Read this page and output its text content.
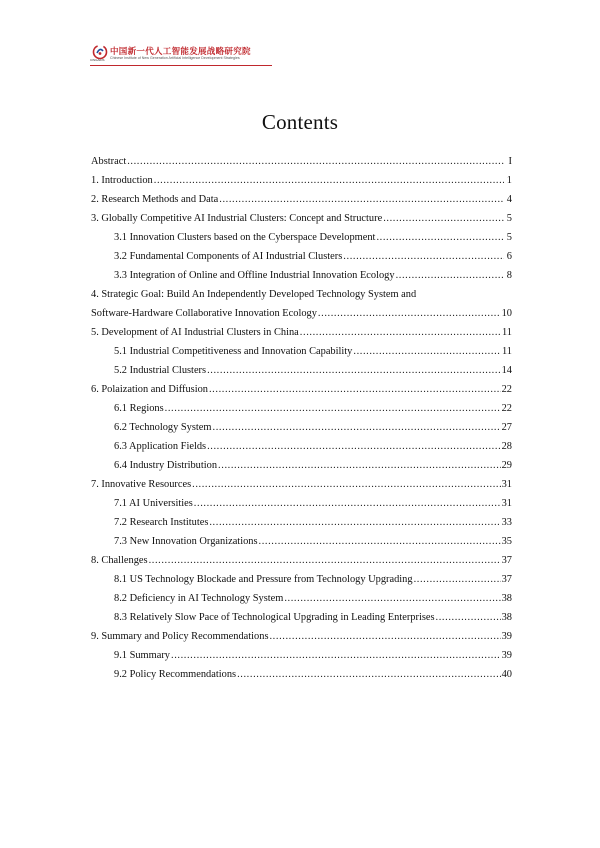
CINGAIDS
中国新一代人工智能发展战略研究院
Chinese Institute of New Generation Artificial Intelligence Development Strategies
Contents
Abstract .....	I
1. Introduction .....	1
2. Research Methods and Data .....	4
3. Globally Competitive AI Industrial Clusters: Concept and Structure .....	5
3.1 Innovation Clusters based on the Cyberspace Development .....	5
3.2 Fundamental Components of AI Industrial Clusters .....	6
3.3 Integration of Online and Offline Industrial Innovation Ecology .....	8
4. Strategic Goal: Build An Independently Developed Technology System and
Software-Hardware Collaborative Innovation Ecology .....	10
5. Development of AI Industrial Clusters in China .....	11
5.1 Industrial Competitiveness and Innovation Capability .....	11
5.2 Industrial Clusters .....	14
6. Polaization and Diffusion .....	22
6.1 Regions .....	22
6.2 Technology System .....	27
6.3 Application Fields .....	28
6.4 Industry Distribution .....	29
7. Innovative Resources .....	31
7.1 AI Universities .....	31
7.2 Research Institutes .....	33
7.3 New Innovation Organizations .....	35
8. Challenges .....	37
8.1 US Technology Blockade and Pressure from Technology Upgrading .....	37
8.2 Deficiency in AI Technology System .....	38
8.3 Relatively Slow Pace of Technological Upgrading in Leading Enterprises .....	38
9. Summary and Policy Recommendations .....	39
9.1 Summary .....	39
9.2 Policy Recommendations .....	40
